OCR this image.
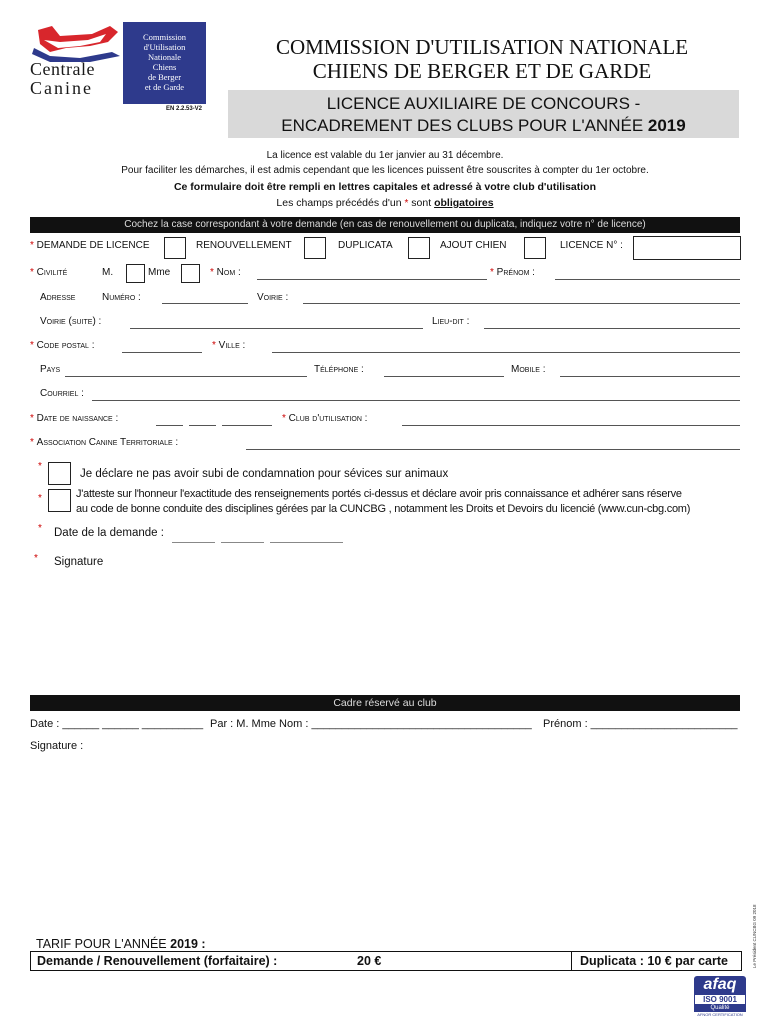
Centrale
Canine
Commission
d'Utilisation
Nationale
Chiens
de Berger
et de Garde
EN 2.2.53-V2
COMMISSION D'UTILISATION NATIONALE
CHIENS DE BERGER ET DE GARDE
LICENCE AUXILIAIRE DE CONCOURS -
ENCADREMENT DES CLUBS POUR L'ANNÉE 2019
La licence est valable du 1er janvier au 31 décembre.
Pour faciliter les démarches, il est admis cependant que les licences puissent être souscrites à compter du 1er octobre.
Ce formulaire doit être rempli en lettres capitales et adressé à votre club d'utilisation
Les champs précédés d'un * sont obligatoires
Cochez la case correspondant à votre demande (en cas de renouvellement ou duplicata, indiquez votre n° de licence)
* DEMANDE DE LICENCE	RENOUVELLEMENT	DUPLICATA	AJOUT CHIEN	LICENCE N° :
* Civilité	M.	Mme	* Nom :	* Prénom :
Adresse	Numéro :	Voirie :
Voirie (suite) :	Lieu-dit :
* Code postal :	* Ville :
Pays	Téléphone :	Mobile :
Courriel :
* Date de naissance :	* Club d'utilisation :
* Association Canine Territoriale :
*
Je déclare ne pas avoir subi de condamnation pour sévices sur animaux
*	J'atteste sur l'honneur l'exactitude des renseignements portés ci-dessus et déclare avoir pris connaissance et adhérer sans réserve
au code de bonne conduite des disciplines gérées par la CUNCBG , notamment les Droits et Devoirs du licencié (www.cun-cbg.com)
* Date de la demande :
* Signature
Cadre réservé au club
Date : ______ ______ __________ Par : M. Mme Nom : ____________________________________ Prénom : ________________________
Signature :
Le Président CUNCBG 09 2018
TARIF POUR L'ANNÉE 2019 :
Demande / Renouvellement (forfaitaire) :	20 €	Duplicata : 10 € par carte
afaq
ISO 9001
Qualité
AFNOR CERTIFICATION
